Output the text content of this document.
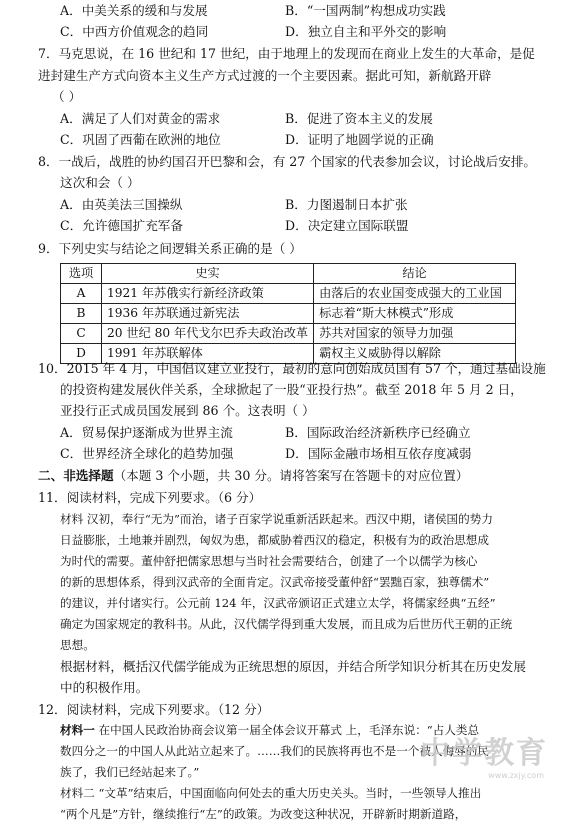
A．中美关系的缓和与发展	B．“一国两制”构想成功实践
C．中西方价值观念的趋同	D．独立自主和平外交的影响
7．马克思说，在 16 世纪和 17 世纪，由于地理上的发现而在商业上发生的大革命，是促
进封建生产方式向资本主义生产方式过渡的一个主要因素。据此可知，新航路开辟
（ ）
A．满足了人们对黄金的需求	B．促进了资本主义的发展
C．巩固了西葡在欧洲的地位	D．证明了地圆学说的正确
8．一战后，战胜的协约国召开巴黎和会，有 27 个国家的代表参加会议，讨论战后安排。
这次和会（ ）
A．由英美法三国操纵	B．力图遏制日本扩张
C．允许德国扩充军备	D．决定建立国际联盟
9．下列史实与结论之间逻辑关系正确的是（ ）
选项	史实	结论
A	1921 年苏俄实行新经济政策	由落后的农业国变成强大的工业国
B	1936 年苏联通过新宪法	标志着“斯大林模式”形成
C	20 世纪 80 年代戈尔巴乔夫政治改革	苏共对国家的领导力加强
D	1991 年苏联解体	霸权主义威胁得以解除
10．2015 年 4 月，中国倡议建立亚投行，最初的意向创始成员国有 57 个，通过基础设施
的投资构建发展伙伴关系，全球掀起了一股“亚投行热”。截至 2018 年 5 月 2 日，
亚投行正式成员国发展到 86 个。这表明（ ）
A．贸易保护逐渐成为世界主流	B．国际政治经济新秩序已经确立
C．世界经济全球化的趋势加强	D．国际金融市场相互依存度减弱
二、非选择题（本题 3 个小题，共 30 分。请将答案写在答题卡的对应位置）
11．阅读材料，完成下列要求。（6 分）
材料 汉初，奉行“无为”而治，诸子百家学说重新活跃起来。西汉中期，诸侯国的势力
日益膨胀，土地兼并剧烈，匈奴为患，都威胁着西汉的稳定，积极有为的政治思想成
为时代的需要。董仲舒把儒家思想与当时社会需要结合，创建了一个以儒学为核心
的新的思想体系，得到汉武帝的全面肯定。汉武帝接受董仲舒“罢黜百家，独尊儒术”
的建议，并付诸实行。公元前 124 年，汉武帝颁诏正式建立太学，将儒家经典“五经”
确定为国家规定的教科书。从此，汉代儒学得到重大发展，而且成为后世历代王朝的正统
思想。
根据材料，概括汉代儒学能成为正统思想的原因，并结合所学知识分析其在历史发展
中的积极作用。
12．阅读材料，完成下列要求。（12 分）
材料一 在中国人民政治协商会议第一届全体会议开幕式 上，毛泽东说：“占人类总
数四分之一的中国人从此站立起来了。……我们的民族将再也不是一个被人侮辱的民
族了，我们已经站起来了。”
材料二 “文革”结束后，中国面临向何处去的重大历史关头。当时，一些领导人推出
“两个凡是”方针，继续推行“左”的政策。为改变这种状况，开辟新时期新道路，
中学教育
www.zxjy.com
